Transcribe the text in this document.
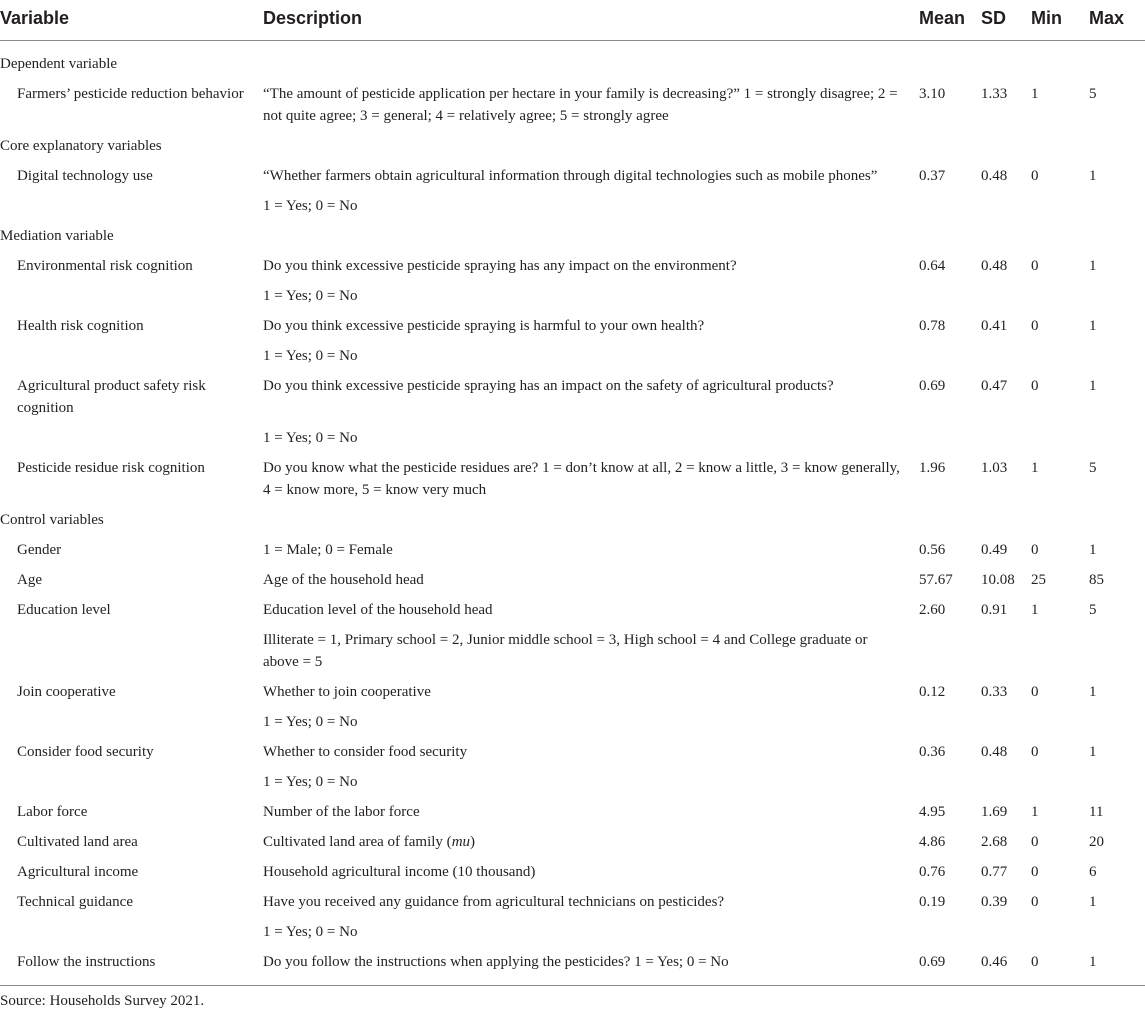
Variable	Description	Mean	SD	Min	Max

Dependent variable					
Farmers’ pesticide reduction behavior	“The amount of pesticide application per hectare in your family is decreasing?” 1 = strongly disagree; 2 = not quite agree; 3 = general; 4 = relatively agree; 5 = strongly agree	3.10	1.33	1	5
Core explanatory variables					
Digital technology use	“Whether farmers obtain agricultural information through digital technologies such as mobile phones”	0.37	0.48	0	1
	1 = Yes; 0 = No				
Mediation variable					
Environmental risk cognition	Do you think excessive pesticide spraying has any impact on the environment?	0.64	0.48	0	1
	1 = Yes; 0 = No				
Health risk cognition	Do you think excessive pesticide spraying is harmful to your own health?	0.78	0.41	0	1
	1 = Yes; 0 = No				
Agricultural product safety risk cognition	Do you think excessive pesticide spraying has an impact on the safety of agricultural products?	0.69	0.47	0	1
	1 = Yes; 0 = No				
Pesticide residue risk cognition	Do you know what the pesticide residues are? 1 = don’t know at all, 2 = know a little, 3 = know generally, 4 = know more, 5 = know very much	1.96	1.03	1	5
Control variables					
Gender	1 = Male; 0 = Female	0.56	0.49	0	1
Age	Age of the household head	57.67	10.08	25	85
Education level	Education level of the household head	2.60	0.91	1	5
	Illiterate = 1, Primary school = 2, Junior middle school = 3, High school = 4 and College graduate or above = 5				
Join cooperative	Whether to join cooperative	0.12	0.33	0	1
	1 = Yes; 0 = No				
Consider food security	Whether to consider food security	0.36	0.48	0	1
	1 = Yes; 0 = No				
Labor force	Number of the labor force	4.95	1.69	1	11
Cultivated land area	Cultivated land area of family (mu)	4.86	2.68	0	20
Agricultural income	Household agricultural income (10 thousand)	0.76	0.77	0	6
Technical guidance	Have you received any guidance from agricultural technicians on pesticides?	0.19	0.39	0	1
	1 = Yes; 0 = No				
Follow the instructions	Do you follow the instructions when applying the pesticides? 1 = Yes; 0 = No	0.69	0.46	0	1

Source: Households Survey 2021.					
